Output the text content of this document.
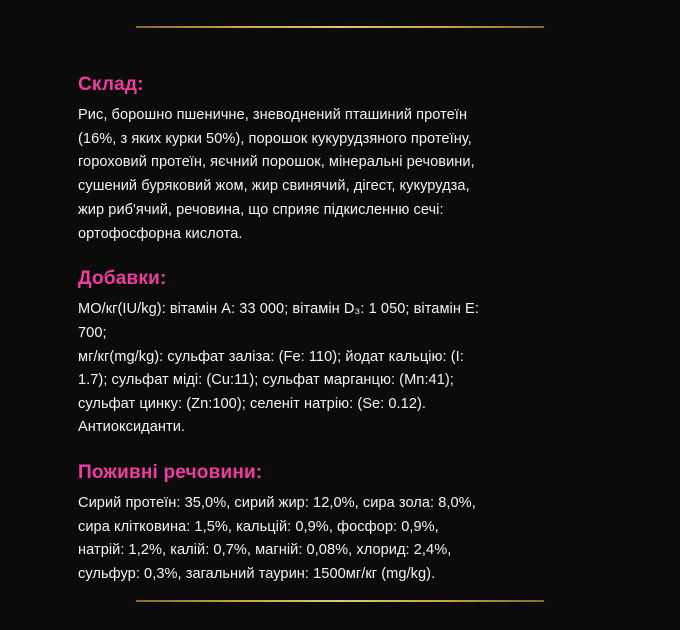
Склад:

Рис, борошно пшеничне, зневоднений пташиний протеїн

(16%, з яких курки 50%), порошок кукурудзяного протеїну,

гороховий протеїн, яєчний порошок, мінеральні речовини,

сушений буряковий жом, жир свинячий, дігест, кукурудза,

жир риб'ячий, речовина, що сприяє підкисленню сечі:

ортофосфорна кислота.

Добавки:

МО/кг(IU/kg): вітамін А: 33 000; вітамін D₃: 1 050; вітамін Е:

700;

мг/кг(mg/kg): сульфат заліза: (Fe: 110); йодат кальцію: (I:

1.7); сульфат міді: (Cu:11); сульфат марганцю: (Mn:41);

сульфат цинку: (Zn:100); селеніт натрію: (Se: 0.12).

Антиоксиданти.

Поживні речовини:

Сирий протеїн: 35,0%, сирий жир: 12,0%, сира зола: 8,0%,

сира клітковина: 1,5%, кальцій: 0,9%, фосфор: 0,9%,

натрій: 1,2%, калій: 0,7%, магній: 0,08%, хлорид: 2,4%,

сульфур: 0,3%, загальний таурин: 1500мг/кг (mg/kg).
